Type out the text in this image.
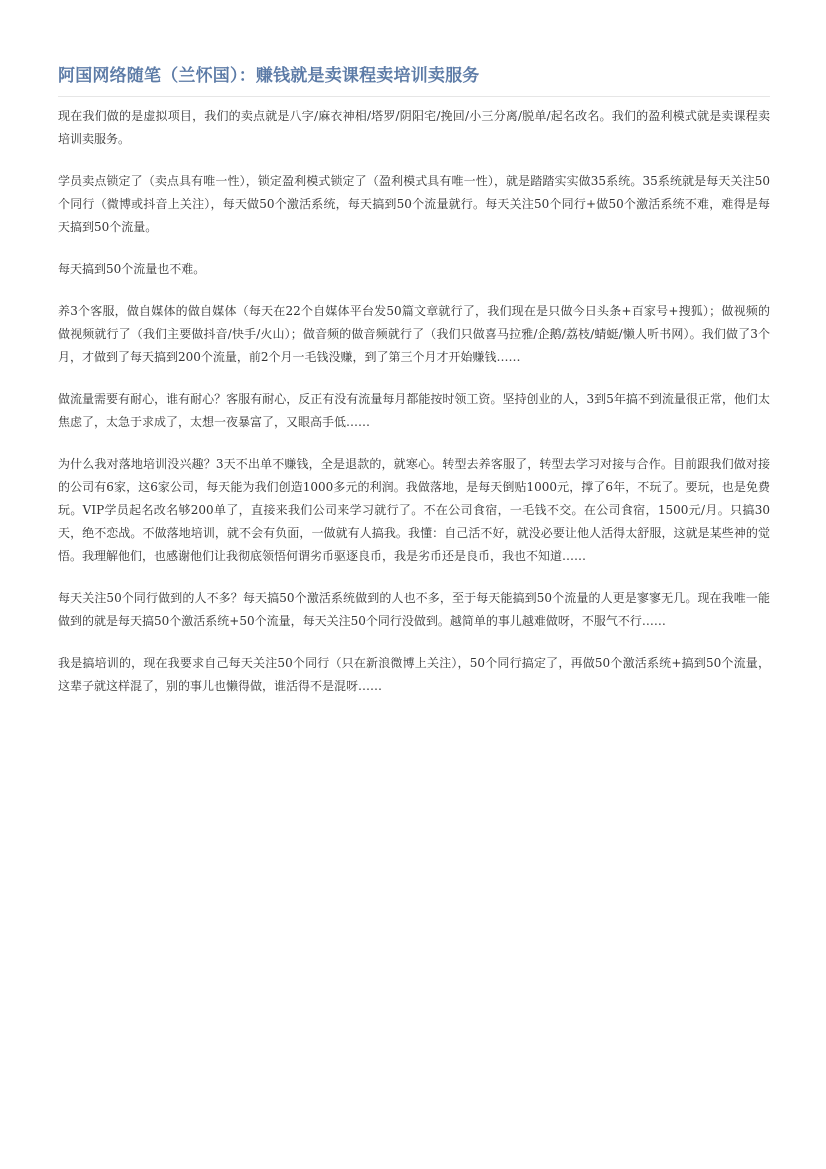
阿国网络随笔（兰怀国）：赚钱就是卖课程卖培训卖服务

现在我们做的是虚拟项目，我们的卖点就是八字/麻衣神相/塔罗/阴阳宅/挽回/小三分离/脱单/起名改名。我们的盈利模式就是卖课程卖培训卖服务。

学员卖点锁定了（卖点具有唯一性），锁定盈利模式锁定了（盈利模式具有唯一性），就是踏踏实实做35系统。35系统就是每天关注50个同行（微博或抖音上关注），每天做50个激活系统，每天搞到50个流量就行。每天关注50个同行+做50个激活系统不难，难得是每天搞到50个流量。

每天搞到50个流量也不难。

养3个客服，做自媒体的做自媒体（每天在22个自媒体平台发50篇文章就行了，我们现在是只做今日头条+百家号+搜狐）；做视频的做视频就行了（我们主要做抖音/快手/火山）；做音频的做音频就行了（我们只做喜马拉雅/企鹅/荔枝/蜻蜓/懒人听书网）。我们做了3个月，才做到了每天搞到200个流量，前2个月一毛钱没赚，到了第三个月才开始赚钱……

做流量需要有耐心，谁有耐心？客服有耐心，反正有没有流量每月都能按时领工资。坚持创业的人，3到5年搞不到流量很正常，他们太焦虑了，太急于求成了，太想一夜暴富了，又眼高手低……

为什么我对落地培训没兴趣？3天不出单不赚钱，全是退款的，就寒心。转型去养客服了，转型去学习对接与合作。目前跟我们做对接的公司有6家，这6家公司，每天能为我们创造1000多元的利润。我做落地，是每天倒贴1000元，撑了6年，不玩了。要玩，也是免费玩。VIP学员起名改名够200单了，直接来我们公司来学习就行了。不在公司食宿，一毛钱不交。在公司食宿，1500元/月。只搞30天，绝不恋战。不做落地培训，就不会有负面，一做就有人搞我。我懂：自己活不好，就没必要让他人活得太舒服，这就是某些神的觉悟。我理解他们，也感谢他们让我彻底领悟何谓劣币驱逐良币，我是劣币还是良币，我也不知道……

每天关注50个同行做到的人不多？每天搞50个激活系统做到的人也不多，至于每天能搞到50个流量的人更是寥寥无几。现在我唯一能做到的就是每天搞50个激活系统+50个流量，每天关注50个同行没做到。越简单的事儿越难做呀，不服气不行……

我是搞培训的，现在我要求自己每天关注50个同行（只在新浪微博上关注），50个同行搞定了，再做50个激活系统+搞到50个流量，这辈子就这样混了，别的事儿也懒得做，谁活得不是混呀……
